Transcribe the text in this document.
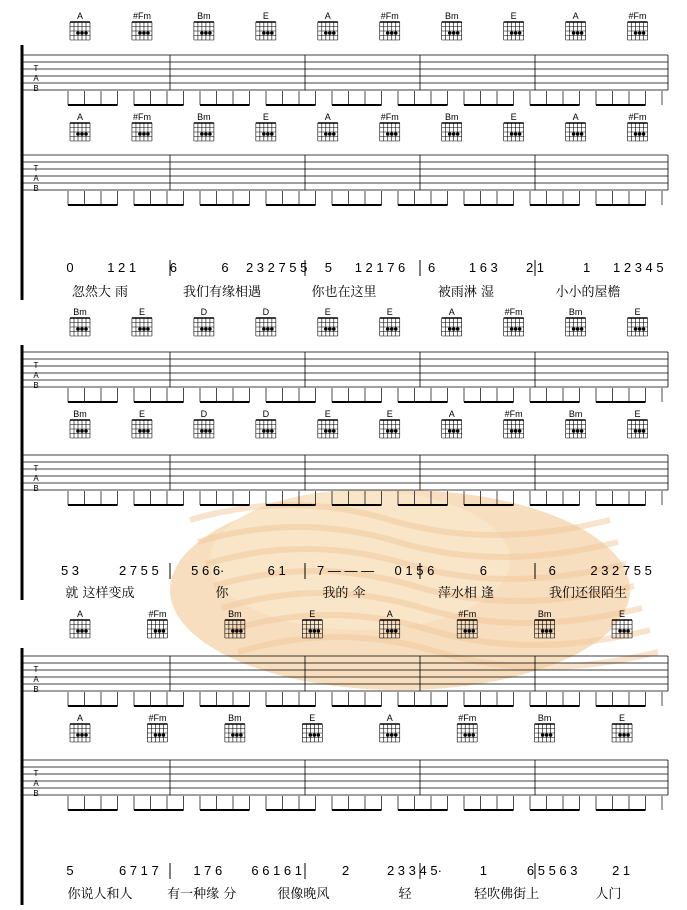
A	#Fm	Bm	E	A	#Fm	Bm	E	A	#Fm
T
A
B
A	#Fm	Bm	E	A	#Fm	Bm	E	A	#Fm
T
A
B
0	1 2 1	6	6 2 3 2 7 5 5 5 1 2 1 7 6 6	1 6 3 2 1	1 1 2 3 4 5
忽然大 雨	我们有缘相遇	你也在这里	被雨淋 湿	小小的屋檐
Bm	E	D	D	E	E	A	#Fm	Bm	E
T
A
B
Bm	E	D	D	E	E	A	#Fm	Bm	E
T
A
B
5 3	2 7 5 5 5 6 6·	6 1 7 — — — 0 1 5 6	6	6	2 3 2 7 5 5
就 这样变成	你	我的 伞	萍水相 逢	我们还很陌生
A	#Fm	Bm	E	A	#Fm	Bm	E
T
A
B
A	#Fm	Bm	E	A	#Fm	Bm	E
T
A
B
5	6 7 1 7	1 7 6 6 6 1 6 1	2	2 3 3 4 5·	1	6 5 5 6 3	2 1
你说人和人	有一种缘 分	很像晚风	轻	轻吹佛街上	人门
